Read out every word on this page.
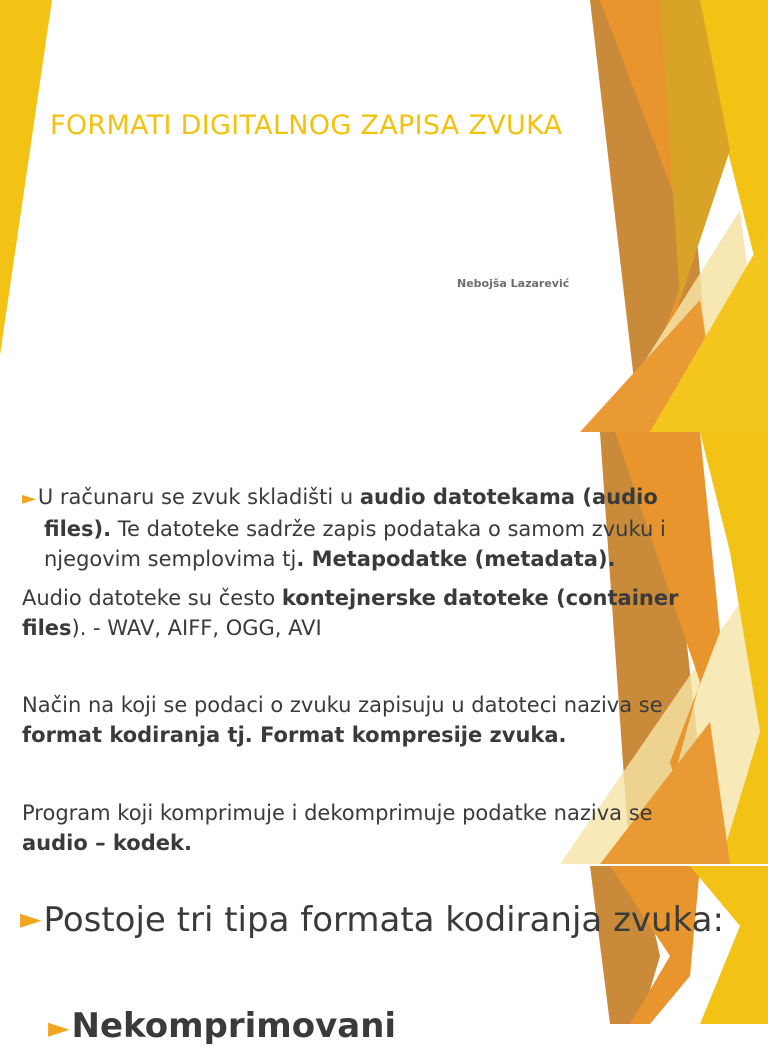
FORMATI DIGITALNOG ZAPISA ZVUKA
Nebojša Lazarević
►U računaru se zvuk skladišti u audio datotekama (audio
files). Te datoteke sadrže zapis podataka o samom zvuku i
njegovim semplovima tj. Metapodatke (metadata).
Audio datoteke su često kontejnerske datoteke (container
files). - WAV, AIFF, OGG, AVI
Način na koji se podaci o zvuku zapisuju u datoteci naziva se
format kodiranja tj. Format kompresije zvuka.
Program koji komprimuje i dekomprimuje podatke naziva se
audio – kodek.
►Postoje tri tipa formata kodiranja zvuka:
►Nekomprimovani
